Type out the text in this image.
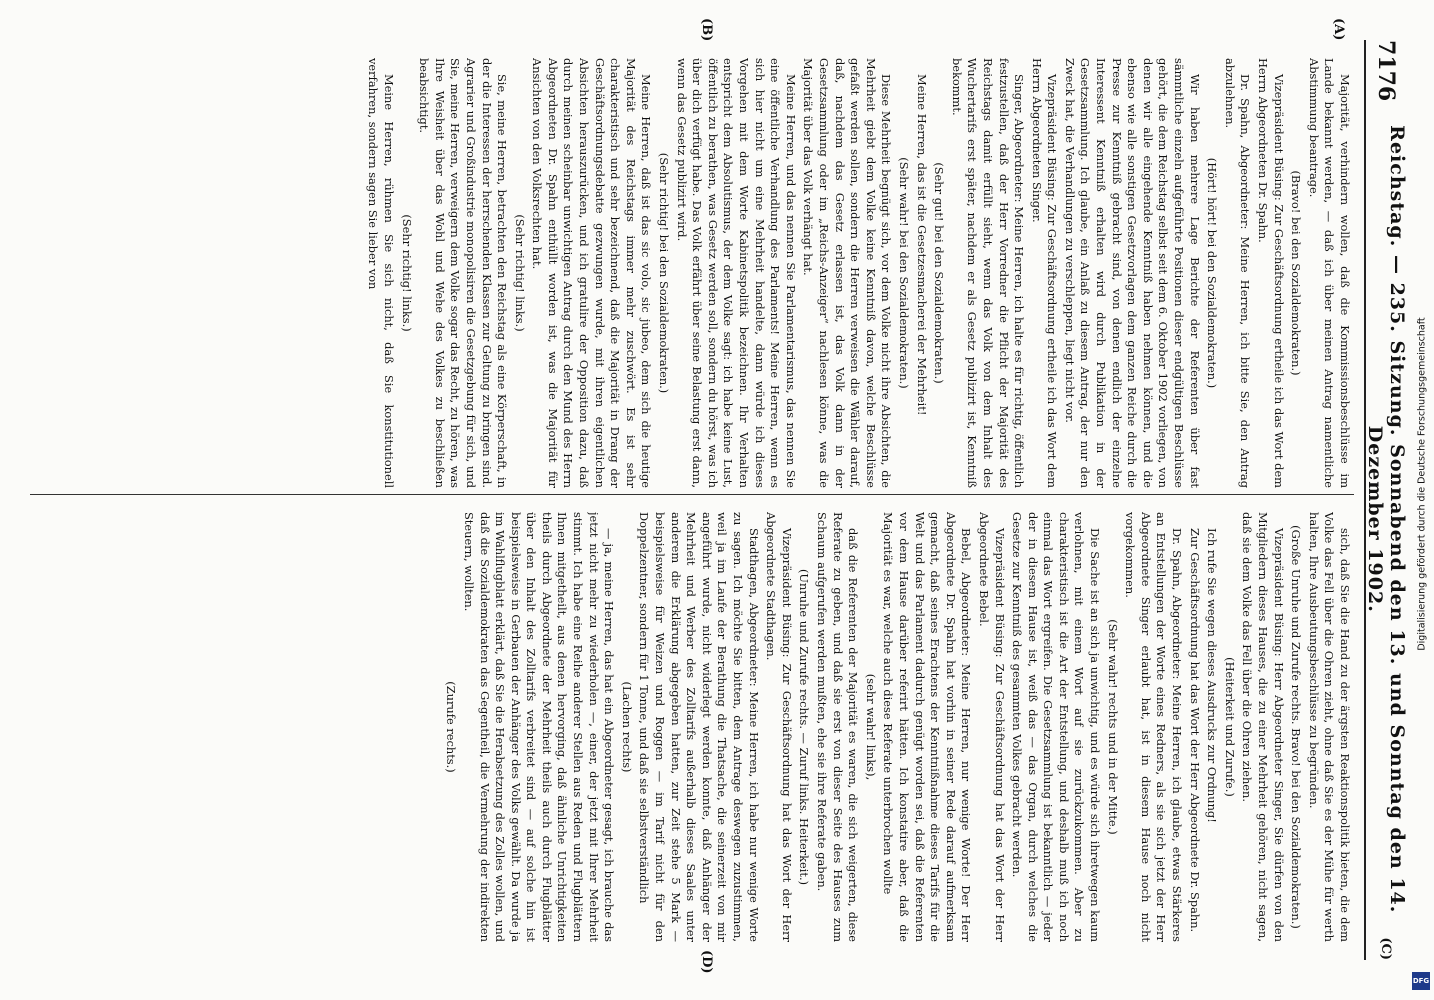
7176
Reichstag. — 235. Sitzung. Sonnabend den 13. und Sonntag den 14. Dezember 1902.
(C)
(A)
(B)
(D)

Majorität, verhindern wollen, daß die Kommissionsbeschlüsse im Lande bekannt werden, — daß ich über meinen Antrag namentliche Abstimmung beantrage.

(Bravo! bei den Sozialdemokraten.)

Vizepräsident Büsing: Zur Geschäftsordnung ertheile ich das Wort dem Herrn Abgeordneten Dr. Spahn.

Dr. Spahn, Abgeordneter: Meine Herren, ich bitte Sie, den Antrag abzulehnen.

(Hört! hört! bei den Sozialdemokraten.)

Wir haben mehrere Lage Berichte der Referenten über fast sämmtliche einzeln aufgeführte Positionen dieser endgültigen Beschlüsse gehört, die dem Reichstag selbst seit dem 6. Oktober 1902 vorliegen, von denen wir alle eingehende Kenntniß haben nehmen können, und die ebenso wie alle sonstigen Gesetzvorlagen dem ganzen Reiche durch die Presse zur Kenntniß gebracht sind, von denen endlich der einzelne Interessent Kenntniß erhalten wird durch Publikation in der Gesetzsammlung. Ich glaube, ein Anlaß zu diesem Antrag, der nur den Zweck hat, die Verhandlungen zu verschleppen, liegt nicht vor.

Vizepräsident Büsing: Zur Geschäftsordnung ertheile ich das Wort dem Herrn Abgeordneten Singer.

Singer, Abgeordneter: Meine Herren, ich halte es für richtig, öffentlich festzustellen, daß der Herr Vorredner die Pflicht der Majorität des Reichstags damit erfüllt sieht, wenn das Volk von dem Inhalt des Wuchertarifs erst später, nachdem er als Gesetz publizirt ist, Kenntniß bekommt.

(Sehr gut! bei den Sozialdemokraten.)

Meine Herren, das ist die Gesetzesmacherei der Mehrheit!

(Sehr wahr! bei den Sozialdemokraten.)

Diese Mehrheit begnügt sich, vor dem Volke nicht ihre Absichten, die Mehrheit giebt dem Volke keine Kenntniß davon, welche Beschlüsse gefaßt werden sollen, sondern die Herren verweisen die Wähler darauf, daß, nachdem das Gesetz erlassen ist, das Volk dann in der Gesetzsammlung oder im „Reichs-Anzeiger“ nachlesen könne, was die Majorität über das Volk verhängt hat.

Meine Herren, und das nennen Sie Parlamentarismus, das nennen Sie eine öffentliche Verhandlung des Parlaments! Meine Herren, wenn es sich hier nicht um eine Mehrheit handelte, dann würde ich dieses Vorgehen mit dem Worte Kabinetspolitik bezeichnen. Ihr Verhalten entspricht dem Absolutismus, der dem Volke sagt: ich habe keine Lust, öffentlich zu berathen, was Gesetz werden soll, sondern du hörst, was ich über dich verfügt habe. Das Volk erfährt über seine Belastung erst dann, wenn das Gesetz publizirt wird.

(Sehr richtig! bei den Sozialdemokraten.)

Meine Herren, daß ist das sic volo, sic jubeo, dem sich die heutige Majorität des Reichstags immer mehr zuschwört. Es ist sehr charakteristisch und sehr bezeichnend, daß die Majorität in Drang der Geschäftsordnungsdebatte gezwungen wurde, mit ihren eigentlichen Absichten herauszurücken, und ich gratulire der Opposition dazu, daß durch meinen scheinbar unwichtigen Antrag durch den Mund des Herrn Abgeordneten Dr. Spahn enthüllt worden ist, was die Majorität für Ansichten von den Volksrechten hat.

(Sehr richtig! links.)

Sie, meine Herren, betrachten den Reichstag als eine Körperschaft, in der die Interessen der herrschenden Klassen zur Geltung zu bringen sind. Agrarier und Großindustrie monopolisiren die Gesetzgebung für sich, und Sie, meine Herren, verweigern dem Volke sogar das Recht, zu hören, was Ihre Weisheit über das Wohl und Wehe des Volkes zu beschließen beabsichtigt.

(Sehr richtig! links.)

Meine Herren, rühmen Sie sich nicht, daß Sie konstitutionell verfahren, sondern sagen Sie lieber von

sich, daß Sie die Hand zu der ärgsten Reaktionspolitik bieten, die dem Volke das Fell über die Ohren zieht, ohne daß Sie es der Mühe für werth halten, Ihre Ausbeutungsbeschlüsse zu begründen.

(Große Unruhe und Zurufe rechts. Bravo! bei den Sozialdemokraten.)

Vizepräsident Büsing: Herr Abgeordneter Singer, Sie dürfen von den Mitgliedern dieses Hauses, die zu einer Mehrheit gehören, nicht sagen, daß sie dem Volke das Fell über die Ohren ziehen.

(Heiterkeit und Zurufe.)

Ich rufe Sie wegen dieses Ausdrucks zur Ordnung!

Zur Geschäftsordnung hat das Wort der Herr Abgeordnete Dr. Spahn.

Dr. Spahn, Abgeordneter: Meine Herren, ich glaube, etwas Stärkeres an Entstellungen der Worte eines Redners, als sie sich jetzt der Herr Abgeordnete Singer erlaubt hat, ist in diesem Hause noch nicht vorgekommen.

(Sehr wahr! rechts und in der Mitte.)

Die Sache ist an sich ja unwichtig, und es würde sich ihretwegen kaum verlohnen, mit einem Wort auf sie zurückzukommen. Aber zu charakteristisch ist die Art der Entstellung, und deshalb muß ich noch einmal das Wort ergreifen. Die Gesetzsammlung ist bekanntlich — jeder der in diesem Hause ist, weiß das — das Organ, durch welches die Gesetze zur Kenntniß des gesammten Volkes gebracht werden.

Vizepräsident Büsing: Zur Geschäftsordnung hat das Wort der Herr Abgeordnete Bebel.

Bebel, Abgeordneter: Meine Herren, nur wenige Worte! Der Herr Abgeordnete Dr. Spahn hat vorhin in seiner Rede darauf aufmerksam gemacht, daß seines Erachtens der Kenntnißnahme dieses Tarifs für die Welt und das Parlament dadurch genügt worden sei, daß die Referenten vor dem Hause darüber referirt hätten. Ich konstatire aber, daß die Majorität es war, welche auch diese Referate unterbrochen wollte

(sehr wahr! links),

daß die Referenten der Majorität es waren, die sich weigerten, diese Referate zu geben, und daß sie erst von dieser Seite des Hauses zum Schaum aufgerufen werden mußten, ehe sie ihre Referate gaben.

(Unruhe und Zurufe rechts. — Zuruf links. Heiterkeit.)

Vizepräsident Büsing: Zur Geschäftsordnung hat das Wort der Herr Abgeordnete Stadthagen.

Stadthagen, Abgeordneter: Meine Herren, ich habe nur wenige Worte zu sagen. Ich möchte Sie bitten, dem Antrage deswegen zuzustimmen, weil ja im Laufe der Berathung die Thatsache, die seinerzeit von mir angeführt wurde, nicht widerlegt werden konnte, daß Anhänger der Mehrheit und Werber des Zolltarifs außerhalb dieses Saales unter anderem die Erklärung abgegeben hatten, zur Zeit stehe 5 Mark — beispielsweise für Weizen und Roggen — im Tarif nicht für den Doppelzentner, sondern für 1 Tonne, und daß sie selbstverständlich

(Lachen rechts)

— ja, meine Herren, das hat ein Abgeordneter gesagt, ich brauche das jetzt nicht mehr zu wiederholen —, einer, der jetzt mit Ihrer Mehrheit stimmt. Ich habe eine Reihe anderer Stellen aus Reden und Flugblättern Ihnen mitgetheilt, aus denen hervorging, daß ähnliche Unrichtigkeiten theils durch Abgeordnete der Mehrheit theils auch durch Flugblätter über den Inhalt des Zolltarifs verbreitet sind — auf solche hin ist beispielsweise in Gerbauen der Anhänger des Volks gewählt. Da wurde ja im Wahlflugblatt erklärt, daß Sie die Herabsetzung des Zolles wollen, und daß die Sozialdemokraten das Gegentheil, die Vermehrung der indirekten Steuern, wollten.

(Zurufe rechts.)

Digitalisierung gefördert durch die Deutsche Forschungsgemeinschaft
DFG
